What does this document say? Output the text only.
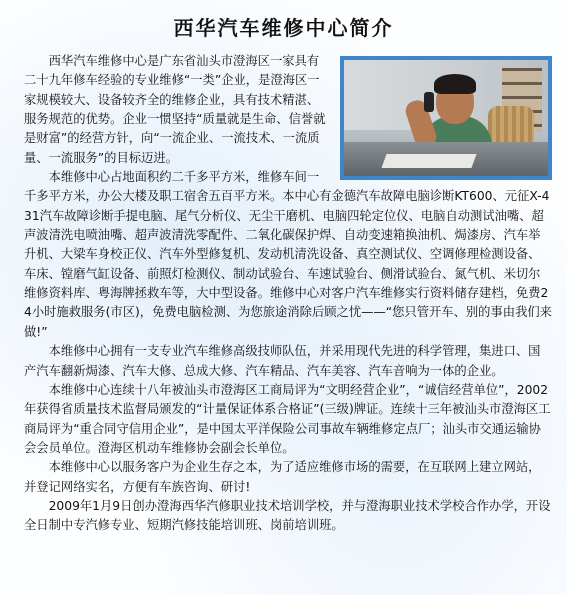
西华汽车维修中心简介

西华汽车维修中心是广东省汕头市澄海区一家具有二十九年修车经验的专业维修“一类”企业，是澄海区一家规模较大、设备较齐全的维修企业，具有技术精湛、服务规范的优势。企业一惯坚持“质量就是生命、信誉就是财富”的经营方针，向“一流企业、一流技术、一流质量、一流服务”的目标迈进。

本维修中心占地面积约二千多平方米，维修车间一千多平方米，办公大楼及职工宿舍五百平方米。本中心有金德汽车故障电脑诊断KT600、元征X-431汽车故障诊断手提电脑、尾气分析仪、无尘干磨机、电脑四轮定位仪、电脑自动测试油嘴、超声波清洗电喷油嘴、超声波清洗零配件、二氧化碳保护焊、自动变速箱换油机、焗漆房、汽车举升机、大梁车身校正仪、汽车外型修复机、发动机清洗设备、真空测试仪、空调修理检测设备、车床、镗磨气缸设备、前照灯检测仪、制动试验台、车速试验台、侧滑试验台、氮气机、米切尔维修资料库、粤海牌拯救车等，大中型设备。维修中心对客户汽车维修实行资料储存建档，免费24小时施救服务(市区)，免费电脑检测、为您旅途消除后顾之忧——“您只管开车、别的事由我们来做!”

本维修中心拥有一支专业汽车维修高级技师队伍，并采用现代先进的科学管理，集进口、国产汽车翻新焗漆、汽车大修、总成大修、汽车精品、汽车美容、汽车音响为一体的企业。

本维修中心连续十八年被汕头市澄海区工商局评为“文明经营企业”，“诚信经营单位”，2002年获得省质量技术监督局颁发的“计量保证体系合格证”(三级)牌证。连续十三年被汕头市澄海区工商局评为“重合同守信用企业”，是中国太平洋保险公司事故车辆维修定点厂；汕头市交通运输协会会员单位。澄海区机动车维修协会副会长单位。

本维修中心以服务客户为企业生存之本，为了适应维修市场的需要，在互联网上建立网站，并登记网络实名，方便有车族咨询、研讨!

2009年1月9日创办澄海西华汽修职业技术培训学校，并与澄海职业技术学校合作办学，开设全日制中专汽修专业、短期汽修技能培训班、岗前培训班。
